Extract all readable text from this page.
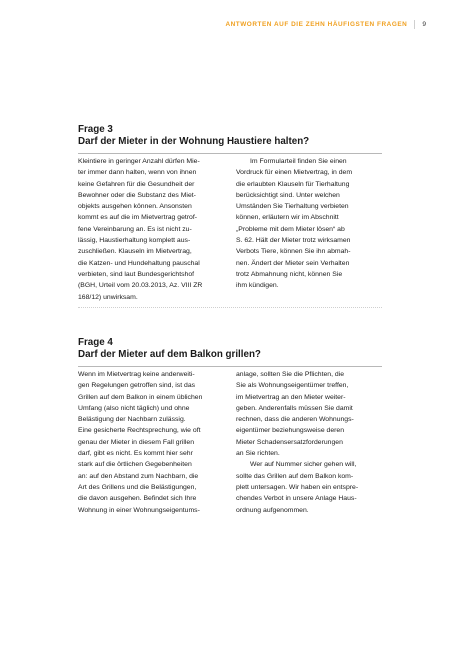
ANTWORTEN AUF DIE ZEHN HÄUFIGSTEN FRAGEN 9
Frage 3
Darf der Mieter in der Wohnung Haustiere halten?
Kleintiere in geringer Anzahl dürfen Mie-
ter immer dann halten, wenn von ihnen
keine Gefahren für die Gesundheit der
Bewohner oder die Substanz des Miet-
objekts ausgehen können. Ansonsten
kommt es auf die im Mietvertrag getrof-
fene Vereinbarung an. Es ist nicht zu-
lässig, Haustierhaltung komplett aus-
zuschließen. Klauseln im Mietvertrag,
die Katzen- und Hundehaltung pauschal
verbieten, sind laut Bundesgerichtshof
(BGH, Urteil vom 20.03.2013, Az. VIII ZR
168/12) unwirksam.
Im Formularteil finden Sie einen
Vordruck für einen Mietvertrag, in dem
die erlaubten Klauseln für Tierhaltung
berücksichtigt sind. Unter welchen
Umständen Sie Tierhaltung verbieten
können, erläutern wir im Abschnitt
„Probleme mit dem Mieter lösen“ ab
S. 62. Hält der Mieter trotz wirksamen
Verbots Tiere, können Sie ihn abmah-
nen. Ändert der Mieter sein Verhalten
trotz Abmahnung nicht, können Sie
ihm kündigen.
Frage 4
Darf der Mieter auf dem Balkon grillen?
Wenn im Mietvertrag keine anderweiti-
gen Regelungen getroffen sind, ist das
Grillen auf dem Balkon in einem üblichen
Umfang (also nicht täglich) und ohne
Belästigung der Nachbarn zulässig.
Eine gesicherte Rechtsprechung, wie oft
genau der Mieter in diesem Fall grillen
darf, gibt es nicht. Es kommt hier sehr
stark auf die örtlichen Gegebenheiten
an: auf den Abstand zum Nachbarn, die
Art des Grillens und die Belästigungen,
die davon ausgehen. Befindet sich Ihre
Wohnung in einer Wohnungseigentums-
anlage, sollten Sie die Pflichten, die
Sie als Wohnungseigentümer treffen,
im Mietvertrag an den Mieter weiter-
geben. Anderenfalls müssen Sie damit
rechnen, dass die anderen Wohnungs-
eigentümer beziehungsweise deren
Mieter Schadensersatzforderungen
an Sie richten.
Wer auf Nummer sicher gehen will,
sollte das Grillen auf dem Balkon kom-
plett untersagen. Wir haben ein entspre-
chendes Verbot in unsere Anlage Haus-
ordnung aufgenommen.
